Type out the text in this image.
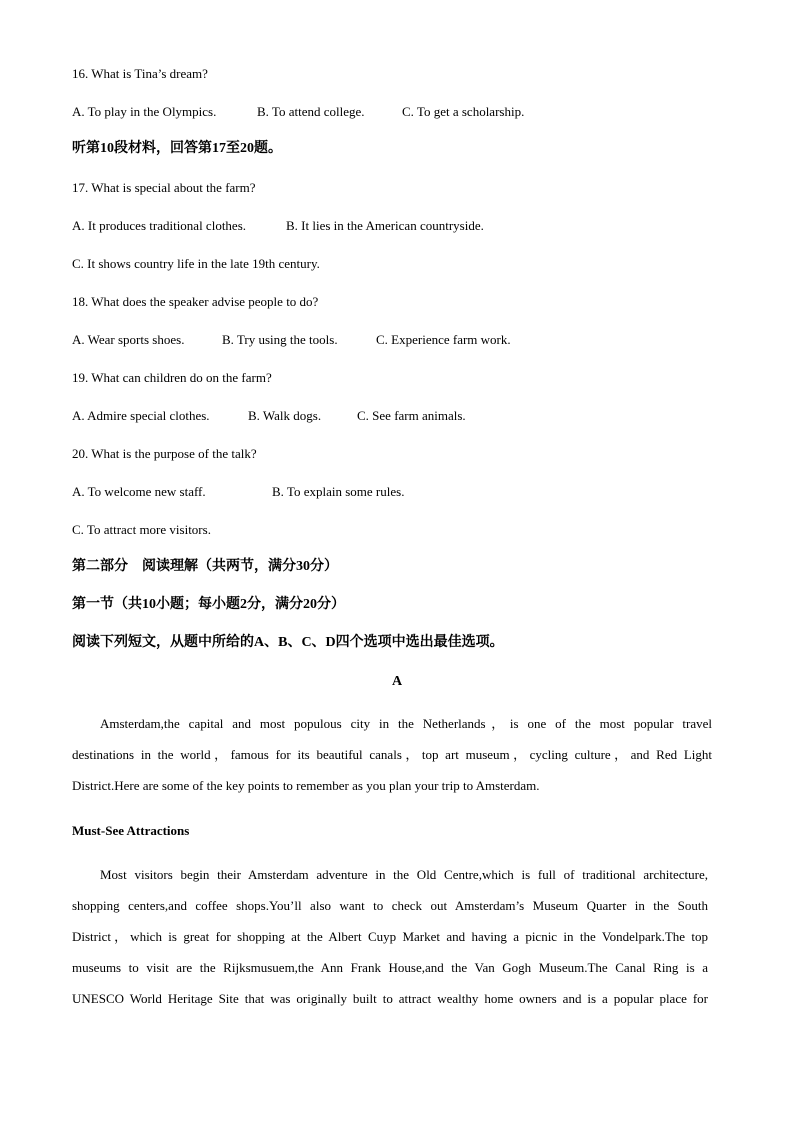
16. What is Tina’s dream?

A. To play in the Olympics.	B. To attend college.	C. To get a scholarship.

听第10段材料，回答第17至20题。

17. What is special about the farm?

A. It produces traditional clothes.	B. It lies in the American countryside.
C. It shows country life in the late 19th century.

18. What does the speaker advise people to do?

A. Wear sports shoes.	B. Try using the tools.	C. Experience farm work.

19. What can children do on the farm?

A. Admire special clothes.	B. Walk dogs.	C. See farm animals.

20. What is the purpose of the talk?

A. To welcome new staff.	B. To explain some rules.
C. To attract more visitors.

第二部分　阅读理解（共两节，满分30分）

第一节（共10小题；每小题2分，满分20分）

阅读下列短文，从题中所给的A、B、C、D四个选项中选出最佳选项。

A

Amsterdam,the capital and most populous city in the Netherlands，is one of the most popular travel
destinations in the world，famous for its beautiful canals，top art museum，cycling culture，and Red Light
District.Here are some of the key points to remember as you plan your trip to Amsterdam.

Must-See Attractions

Most visitors begin their Amsterdam adventure in the Old Centre,which is full of traditional architecture,
shopping centers,and coffee shops.You’ll also want to check out Amsterdam’s Museum Quarter in the South
District，which is great for shopping at the Albert Cuyp Market and having a picnic in the Vondelpark.The top
museums to visit are the Rijksmusuem,the Ann Frank House,and the Van Gogh Museum.The Canal Ring is a
UNESCO World Heritage Site that was originally built to attract wealthy home owners and is a popular place for
